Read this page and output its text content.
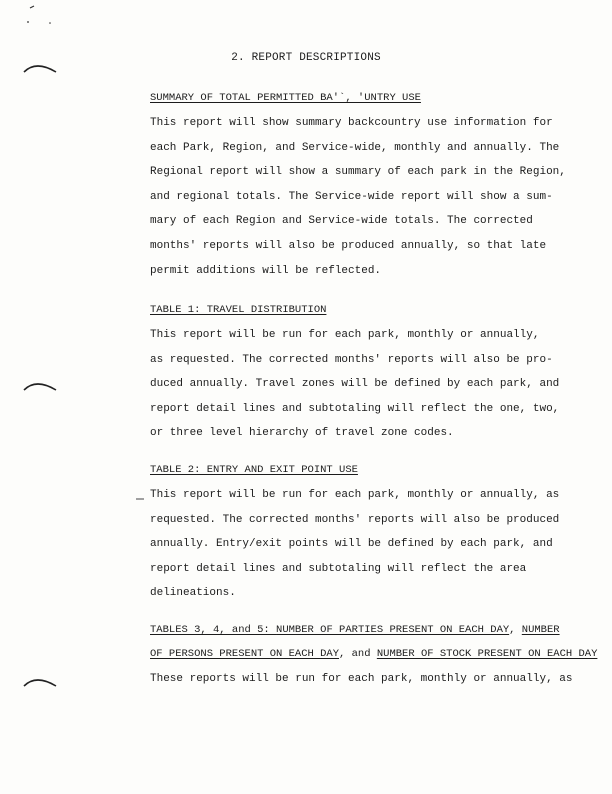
2. REPORT DESCRIPTIONS
SUMMARY OF TOTAL PERMITTED BA'`, 'UNTRY USE
This report will show summary backcountry use information for
each Park, Region, and Service-wide, monthly and annually. The
Regional report will show a summary of each park in the Region,
and regional totals. The Service-wide report will show a sum-
mary of each Region and Service-wide totals. The corrected
months' reports will also be produced annually, so that late
permit additions will be reflected.
TABLE 1: TRAVEL DISTRIBUTION
This report will be run for each park, monthly or annually,
as requested. The corrected months' reports will also be pro-
duced annually. Travel zones will be defined by each park, and
report detail lines and subtotaling will reflect the one, two,
or three level hierarchy of travel zone codes.
TABLE 2: ENTRY AND EXIT POINT USE
This report will be run for each park, monthly or annually, as
requested. The corrected months' reports will also be produced
annually. Entry/exit points will be defined by each park, and
report detail lines and subtotaling will reflect the area
delineations.
TABLES 3, 4, and 5: NUMBER OF PARTIES PRESENT ON EACH DAY, NUMBER
OF PERSONS PRESENT ON EACH DAY, and NUMBER OF STOCK PRESENT ON EACH DAY
These reports will be run for each park, monthly or annually, as
